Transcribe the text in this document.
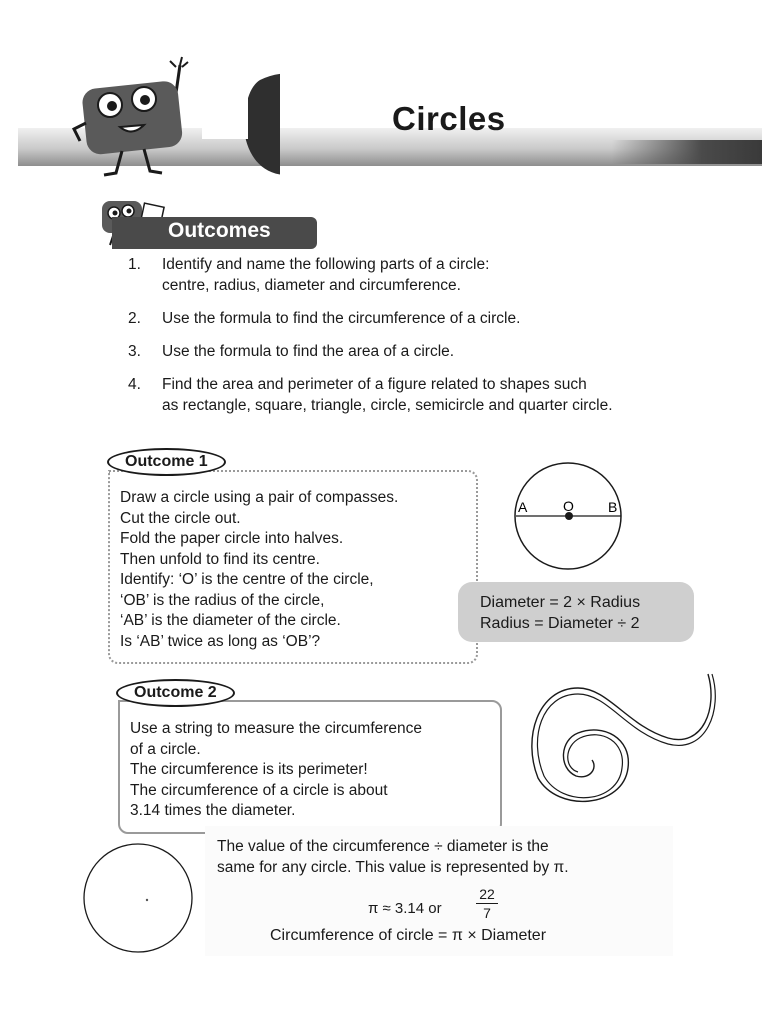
Circles
Outcomes
1. Identify and name the following parts of a circle:
centre, radius, diameter and circumference.
2. Use the formula to find the circumference of a circle.
3. Use the formula to find the area of a circle.
4. Find the area and perimeter of a figure related to shapes such
as rectangle, square, triangle, circle, semicircle and quarter circle.
Outcome 1
Draw a circle using a pair of compasses.
Cut the circle out.
Fold the paper circle into halves.
Then unfold to find its centre.
Identify: ‘O’ is the centre of the circle,
‘OB’ is the radius of the circle,
‘AB’ is the diameter of the circle.
Is ‘AB’ twice as long as ‘OB’?
A	O B
Diameter = 2 × Radius
Radius = Diameter ÷ 2
Outcome 2
Use a string to measure the circumference
of a circle.
The circumference is its perimeter!
The circumference of a circle is about
3.14 times the diameter.
The value of the circumference ÷ diameter is the
same for any circle. This value is represented by π.
π ≈ 3.14 or
22
7
Circumference of circle = π × Diameter
